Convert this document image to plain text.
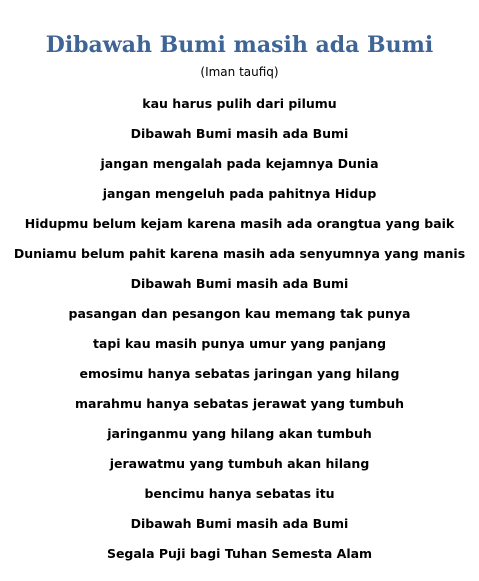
Dibawah Bumi masih ada Bumi
(Iman taufiq)
kau harus pulih dari pilumu
Dibawah Bumi masih ada Bumi
jangan mengalah pada kejamnya Dunia
jangan mengeluh pada pahitnya Hidup
Hidupmu belum kejam karena masih ada orangtua yang baik
Duniamu belum pahit karena masih ada senyumnya yang manis
Dibawah Bumi masih ada Bumi
pasangan dan pesangon kau memang tak punya
tapi kau masih punya umur yang panjang
emosimu hanya sebatas jaringan yang hilang
marahmu hanya sebatas jerawat yang tumbuh
jaringanmu yang hilang akan tumbuh
jerawatmu yang tumbuh akan hilang
bencimu hanya sebatas itu
Dibawah Bumi masih ada Bumi
Segala Puji bagi Tuhan Semesta Alam
